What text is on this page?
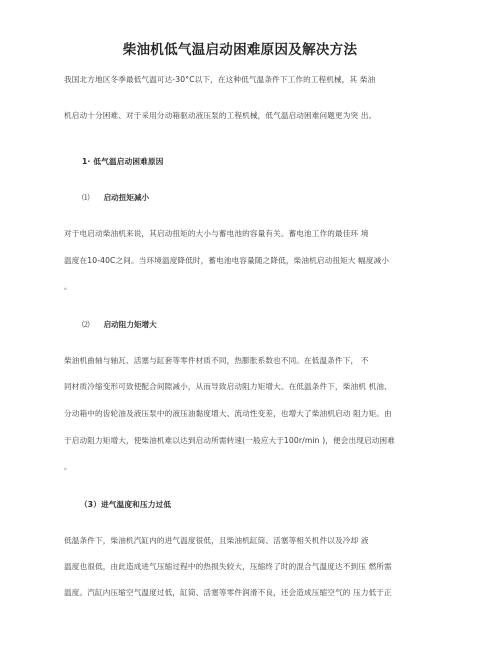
柴油机低气温启动困难原因及解决方法
我国北方地区冬季最低气温可达-30°C以下，在这种低气温条件下工作的工程机械，其 柴油
机启动十分困难、对于采用分动箱驱动液压泵的工程机械，低气温启动困难问题更为突 出。
1· 低气温启动困难原因
⑴ 启动扭矩减小
对于电启动柴油机来说，其启动扭矩的大小与蓄电池的容量有关。蓄电池工作的最佳环 境
温度在10-40C之间。当环境温度降低时，蓄电池电容量随之降低，柴油机启动扭矩大 幅度减小
。
⑵ 启动阻力矩增大
柴油机曲轴与轴瓦、活塞与缸套等零件材质不同，热膨胀系数也不同。在低温条件下， 不
同材质冷缩变形可致使配合间隙减小，从而导致启动阻力矩增大。在低温条件下，柴油机 机油、
分动箱中的齿轮油及液压泵中的液压油黏度增大、流动性变差，也增大了柴油机启动 阻力矩。由
于启动阻力矩增大，使柴油机难以达到启动所需转速(一般应大于100r/min )，便会出现启动困难
。
（3）进气温度和压力过低
低温条件下，柴油机汽缸内的进气温度很低，且柴油机缸筒、活塞等相关机件以及冷却 液
温度也很低，由此造成进气压缩过程中的热损失较大，压缩终了时的混合气温度达不到压 燃所需
温度。汽缸内压缩空气温度过低，缸筒、活塞等零件润滑不良，还会造成压缩空气的 压力低于正
